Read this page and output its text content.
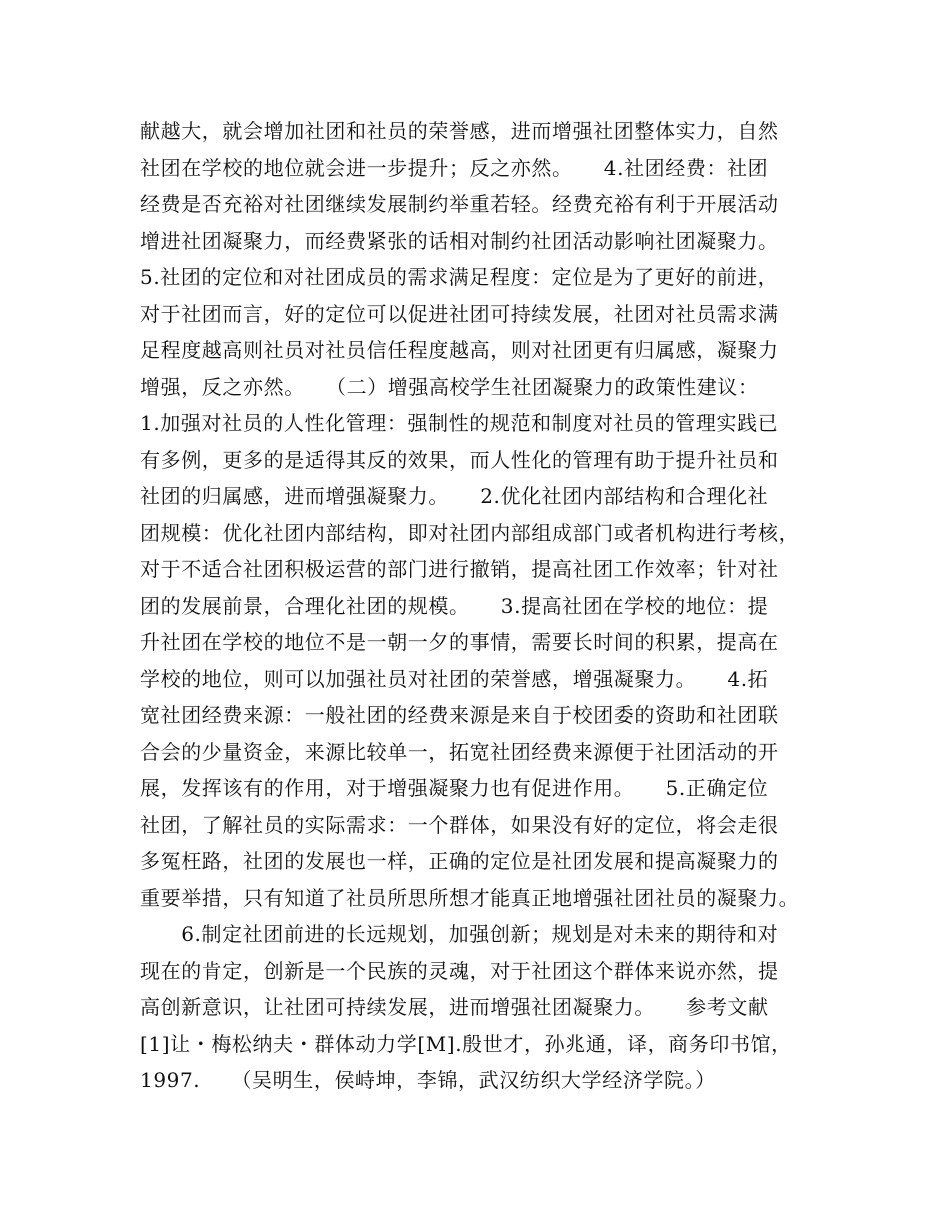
献越大，就会增加社团和社员的荣誉感，进而增强社团整体实力，自然
社团在学校的地位就会进一步提升；反之亦然。　　4.社团经费：社团
经费是否充裕对社团继续发展制约举重若轻。经费充裕有利于开展活动
增进社团凝聚力，而经费紧张的话相对制约社团活动影响社团凝聚力。
5.社团的定位和对社团成员的需求满足程度：定位是为了更好的前进，
对于社团而言，好的定位可以促进社团可持续发展，社团对社员需求满
足程度越高则社员对社员信任程度越高，则对社团更有归属感，凝聚力
增强，反之亦然。　　（二）增强高校学生社团凝聚力的政策性建议：
1.加强对社员的人性化管理：强制性的规范和制度对社员的管理实践已
有多例，更多的是适得其反的效果，而人性化的管理有助于提升社员和
社团的归属感，进而增强凝聚力。　　2.优化社团内部结构和合理化社
团规模：优化社团内部结构，即对社团内部组成部门或者机构进行考核，
对于不适合社团积极运营的部门进行撤销，提高社团工作效率；针对社
团的发展前景，合理化社团的规模。　　3.提高社团在学校的地位：提
升社团在学校的地位不是一朝一夕的事情，需要长时间的积累，提高在
学校的地位，则可以加强社员对社团的荣誉感，增强凝聚力。　　4.拓
宽社团经费来源：一般社团的经费来源是来自于校团委的资助和社团联
合会的少量资金，来源比较单一，拓宽社团经费来源便于社团活动的开
展，发挥该有的作用，对于增强凝聚力也有促进作用。　　5.正确定位
社团，了解社员的实际需求：一个群体，如果没有好的定位，将会走很
多冤枉路，社团的发展也一样，正确的定位是社团发展和提高凝聚力的
重要举措，只有知道了社员所思所想才能真正地增强社团社员的凝聚力。
　　6.制定社团前进的长远规划，加强创新；规划是对未来的期待和对
现在的肯定，创新是一个民族的灵魂，对于社团这个群体来说亦然，提
高创新意识，让社团可持续发展，进而增强社团凝聚力。　　参考文献
[1]让・梅松纳夫・群体动力学[M].殷世才，孙兆通，译，商务印书馆，
1997.　　（吴明生，侯峙坤，李锦，武汉纺织大学经济学院。）
